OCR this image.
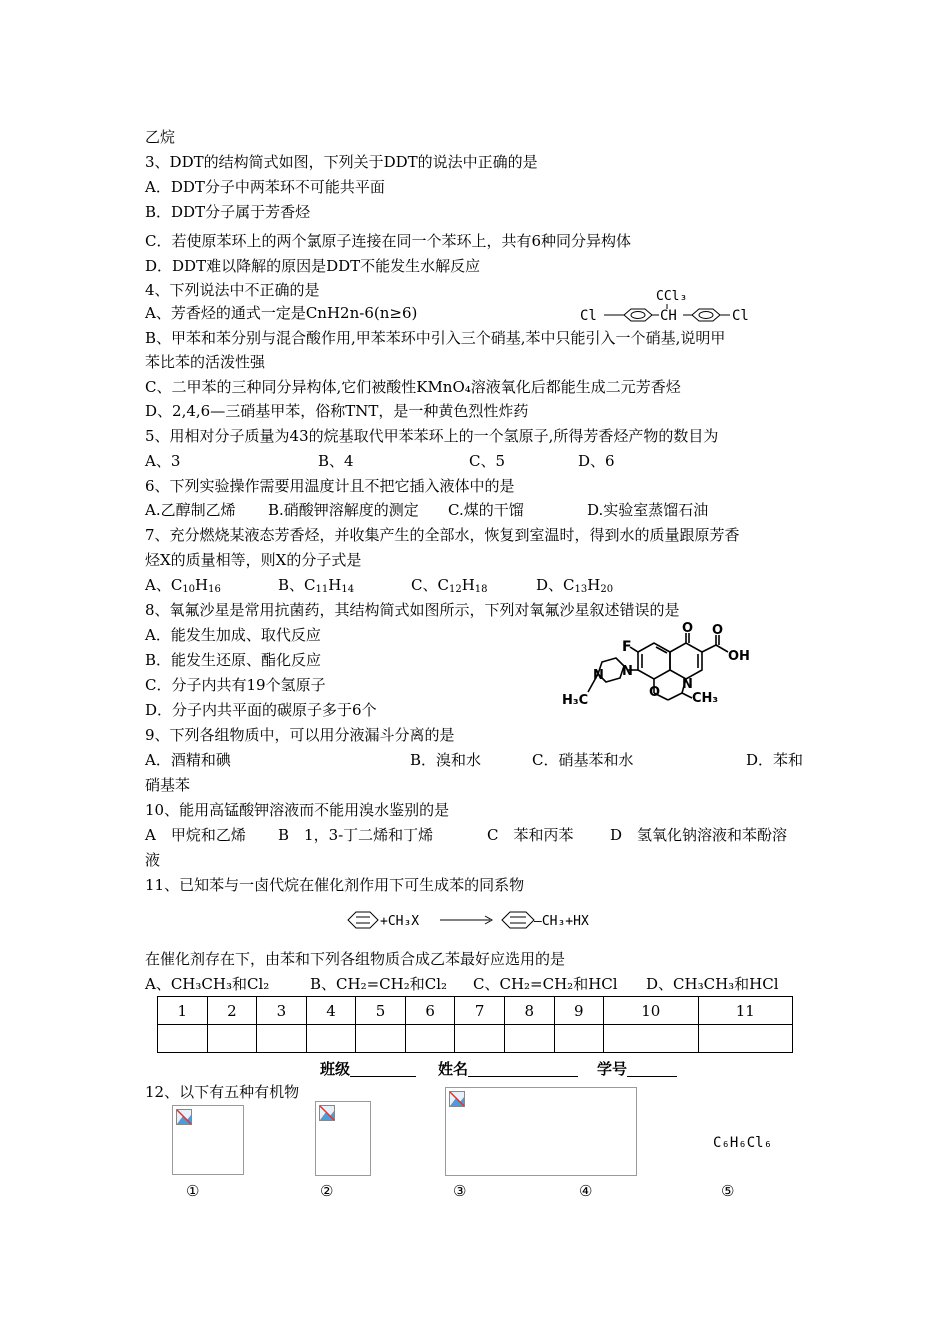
乙烷
3、DDT的结构简式如图，下列关于DDT的说法中正确的是
A．DDT分子中两苯环不可能共平面
B．DDT分子属于芳香烃
C．若使原苯环上的两个氯原子连接在同一个苯环上，共有6种同分异构体
D．DDT难以降解的原因是DDT不能发生水解反应
4、下列说法中不正确的是
A、芳香烃的通式一定是CnH2n-6(n≥6)	Cl
CCl₃
CH	Cl
B、甲苯和苯分别与混合酸作用,甲苯苯环中引入三个硝基,苯中只能引入一个硝基,说明甲
苯比苯的活泼性强
C、二甲苯的三种同分异构体,它们被酸性KMnO₄溶液氧化后都能生成二元芳香烃
D、2,4,6—三硝基甲苯，俗称TNT，是一种黄色烈性炸药
5、用相对分子质量为43的烷基取代甲苯苯环上的一个氢原子,所得芳香烃产物的数目为
A、3	B、4	C、5	D、6
6、下列实验操作需要用温度计且不把它插入液体中的是
A.乙醇制乙烯 B.硝酸钾溶解度的测定 C.煤的干馏	D.实验室蒸馏石油
7、充分燃烧某液态芳香烃，并收集产生的全部水，恢复到室温时，得到水的质量跟原芳香
烃X的质量相等，则X的分子式是
A、$C_{10}H_{16}$	B、$C_{11}H_{14}$	C、$C_{12}H_{18}$	D、$C_{13}H_{20}$
8、氧氟沙星是常用抗菌药，其结构简式如图所示，下列对氧氟沙星叙述错误的是
A．能发生加成、取代反应
B．能发生还原、酯化反应
C．分子内共有19个氢原子
D．分子内共平面的碳原子多于6个
F
O O
OH
N
N
N
O CH₃
H₃C
9、下列各组物质中，可以用分液漏斗分离的是
A．酒精和碘	B．溴和水	C．硝基苯和水	D．苯和
硝基苯
10、能用高锰酸钾溶液而不能用溴水鉴别的是
A　甲烷和乙烯 B　1，3-丁二烯和丁烯	C　苯和丙苯 D　氢氧化钠溶液和苯酚溶
液
11、已知苯与一卤代烷在催化剂作用下可生成苯的同系物
+CH₃X	—CH₃+HX
在催化剂存在下，由苯和下列各组物质合成乙苯最好应选用的是
A、CH₃CH₃和Cl₂	B、CH₂=CH₂和Cl₂ C、CH₂=CH₂和HCl D、CH₃CH₃和HCl
1	2	3	4	5	6	7	8	9	10	11

班级	姓名	学号
12、以下有五种有机物
C₆H₆Cl₆
①	②	③	④	⑤
